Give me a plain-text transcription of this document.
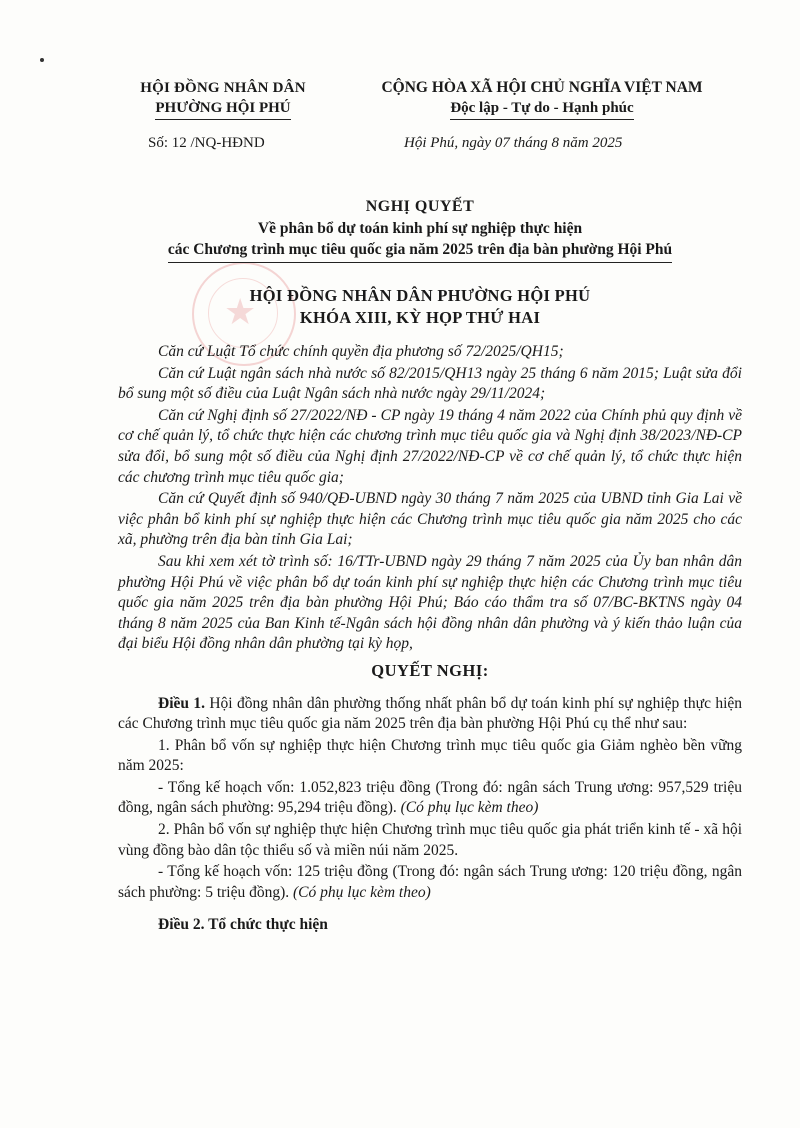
★
HỘI ĐỒNG NHÂN DÂN
PHƯỜNG HỘI PHÚ
CỘNG HÒA XÃ HỘI CHỦ NGHĨA VIỆT NAM
Độc lập - Tự do - Hạnh phúc
Số: 12 /NQ-HĐND	Hội Phú, ngày 07 tháng 8 năm 2025
NGHỊ QUYẾT
Về phân bổ dự toán kinh phí sự nghiệp thực hiện
các Chương trình mục tiêu quốc gia năm 2025 trên địa bàn phường Hội Phú
HỘI ĐỒNG NHÂN DÂN PHƯỜNG HỘI PHÚ
KHÓA XIII, KỲ HỌP THỨ HAI

Căn cứ Luật Tổ chức chính quyền địa phương số 72/2025/QH15;

Căn cứ Luật ngân sách nhà nước số 82/2015/QH13 ngày 25 tháng 6 năm 2015; Luật sửa đổi bổ sung một số điều của Luật Ngân sách nhà nước ngày 29/11/2024;

Căn cứ Nghị định số 27/2022/NĐ - CP ngày 19 tháng 4 năm 2022 của Chính phủ quy định về cơ chế quản lý, tổ chức thực hiện các chương trình mục tiêu quốc gia và Nghị định 38/2023/NĐ-CP sửa đổi, bổ sung một số điều của Nghị định 27/2022/NĐ-CP về cơ chế quản lý, tổ chức thực hiện các chương trình mục tiêu quốc gia;

Căn cứ Quyết định số 940/QĐ-UBND ngày 30 tháng 7 năm 2025 của UBND tỉnh Gia Lai về việc phân bổ kinh phí sự nghiệp thực hiện các Chương trình mục tiêu quốc gia năm 2025 cho các xã, phường trên địa bàn tỉnh Gia Lai;

Sau khi xem xét tờ trình số: 16/TTr-UBND ngày 29 tháng 7 năm 2025 của Ủy ban nhân dân phường Hội Phú về việc phân bổ dự toán kinh phí sự nghiệp thực hiện các Chương trình mục tiêu quốc gia năm 2025 trên địa bàn phường Hội Phú; Báo cáo thẩm tra số 07/BC-BKTNS ngày 04 tháng 8 năm 2025 của Ban Kinh tế-Ngân sách hội đồng nhân dân phường và ý kiến thảo luận của đại biểu Hội đồng nhân dân phường tại kỳ họp,

QUYẾT NGHỊ:

Điều 1. Hội đồng nhân dân phường thống nhất phân bổ dự toán kinh phí sự nghiệp thực hiện các Chương trình mục tiêu quốc gia năm 2025 trên địa bàn phường Hội Phú cụ thể như sau:

1. Phân bổ vốn sự nghiệp thực hiện Chương trình mục tiêu quốc gia Giảm nghèo bền vững năm 2025:

- Tổng kế hoạch vốn: 1.052,823 triệu đồng (Trong đó: ngân sách Trung ương: 957,529 triệu đồng, ngân sách phường: 95,294 triệu đồng). (Có phụ lục kèm theo)

2. Phân bổ vốn sự nghiệp thực hiện Chương trình mục tiêu quốc gia phát triển kinh tế - xã hội vùng đồng bào dân tộc thiểu số và miền núi năm 2025.

- Tổng kế hoạch vốn: 125 triệu đồng (Trong đó: ngân sách Trung ương: 120 triệu đồng, ngân sách phường: 5 triệu đồng). (Có phụ lục kèm theo)

Điều 2. Tổ chức thực hiện
